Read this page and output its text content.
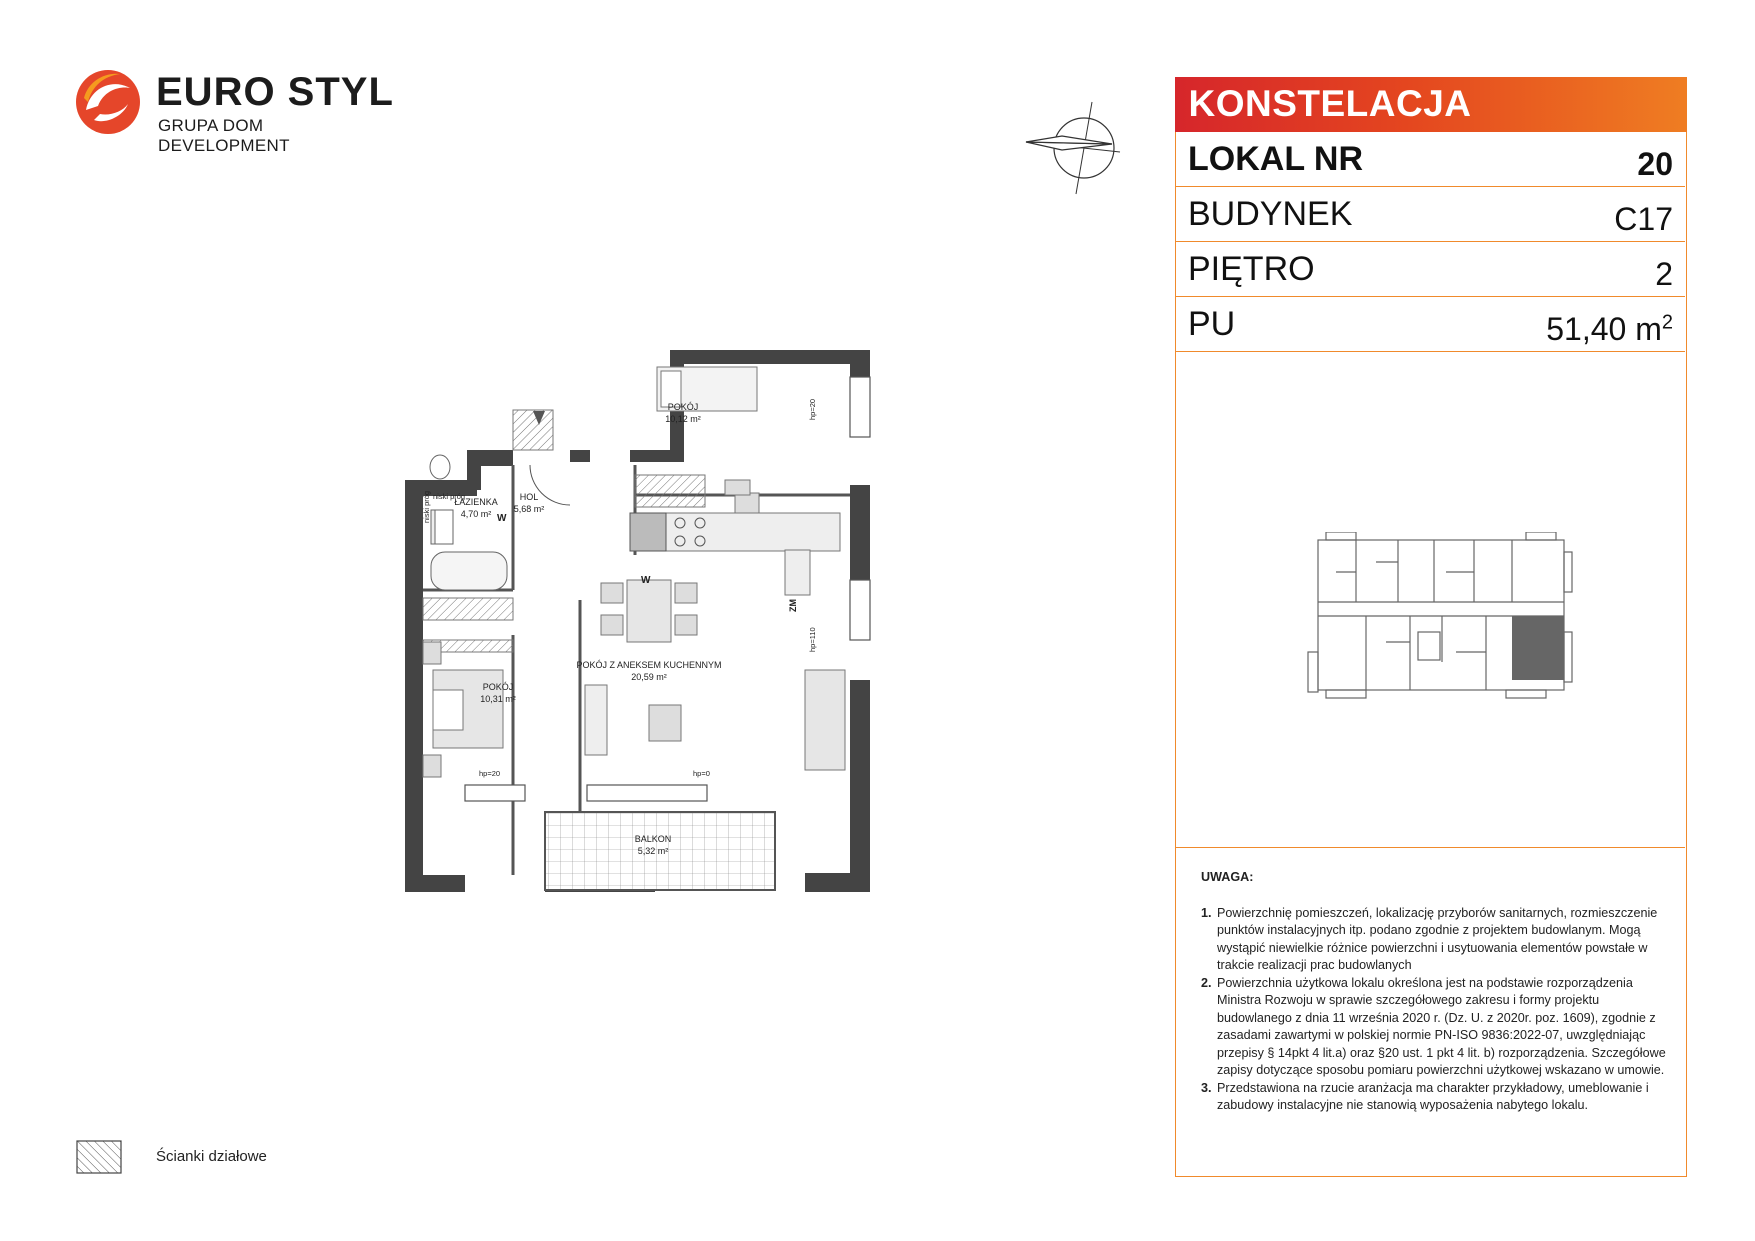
EURO STYL
GRUPA DOM DEVELOPMENT
KONSTELACJA
LOKAL NR	20
BUDYNEK	C17
PIĘTRO	2
PU	51,40 $m^2$
UWAGA:
1. Powierzchnię pomieszczeń, lokalizację przyborów sanitarnych, rozmieszczenie punktów instalacyjnych itp. podano zgodnie z projektem budowlanym. Mogą wystąpić niewielkie różnice powierzchni i usytuowania elementów powstałe w trakcie realizacji prac budowlanych
2. Powierzchnia użytkowa lokalu określona jest na podstawie rozporządzenia Ministra Rozwoju w sprawie szczegółowego zakresu i formy projektu budowlanego z dnia 11 września 2020 r. (Dz. U. z 2020r. poz. 1609), zgodnie z zasadami zawartymi w polskiej normie PN-ISO 9836:2022-07, uwzględniając przepisy § 14pkt 4 lit.a) oraz §20 ust. 1 pkt 4 lit. b) rozporządzenia. Szczegółowe zapisy dotyczące sposobu pomiaru powierzchni użytkowej wskazano w umowie.
3. Przedstawiona na rzucie aranżacja ma charakter przykładowy, umeblowanie i zabudowy instalacyjne nie stanowią wyposażenia nabytego lokalu.
POKÓJ
10,12 m²
HOL
5,68 m²
ŁAZIENKA
4,70 m²
POKÓJ Z ANEKSEM KUCHENNYM
20,59 m²
POKÓJ
10,31 m²
BALKON
5,32 m²
niski próg
niski próg	W
W
ZM
hp=0
hp=20
hp=20
hp=110
Ścianki działowe
